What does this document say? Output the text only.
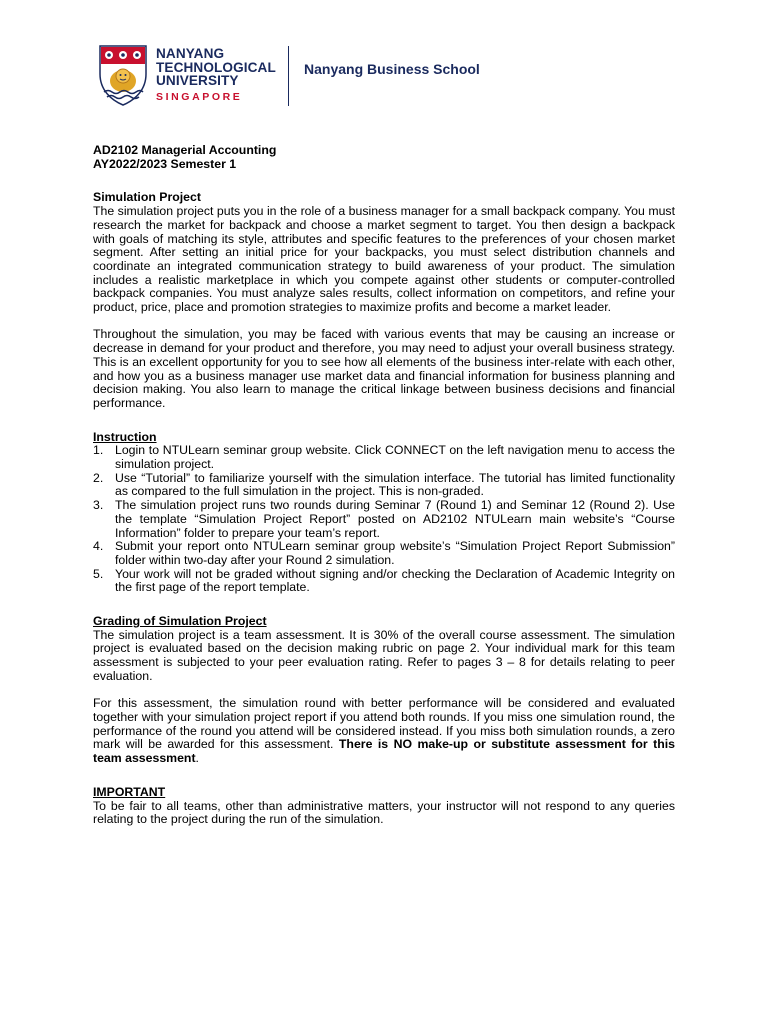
NANYANG
TECHNOLOGICAL
UNIVERSITY
SINGAPORE
Nanyang Business School
AD2102 Managerial Accounting
AY2022/2023 Semester 1
Simulation Project

The simulation project puts you in the role of a business manager for a small backpack company. You must research the market for backpack and choose a market segment to target. You then design a backpack with goals of matching its style, attributes and specific features to the preferences of your chosen market segment. After setting an initial price for your backpacks, you must select distribution channels and coordinate an integrated communication strategy to build awareness of your product. The simulation includes a realistic marketplace in which you compete against other students or computer-controlled backpack companies. You must analyze sales results, collect information on competitors, and refine your product, price, place and promotion strategies to maximize profits and become a market leader.

Throughout the simulation, you may be faced with various events that may be causing an increase or decrease in demand for your product and therefore, you may need to adjust your overall business strategy. This is an excellent opportunity for you to see how all elements of the business inter-relate with each other, and how you as a business manager use market data and financial information for business planning and decision making. You also learn to manage the critical linkage between business decisions and financial performance.

Instruction
1. Login to NTULearn seminar group website. Click CONNECT on the left navigation menu to access the simulation project.
2. Use “Tutorial” to familiarize yourself with the simulation interface. The tutorial has limited functionality as compared to the full simulation in the project. This is non-graded.
3. The simulation project runs two rounds during Seminar 7 (Round 1) and Seminar 12 (Round 2). Use the template “Simulation Project Report” posted on AD2102 NTULearn main website’s “Course Information” folder to prepare your team’s report.
4. Submit your report onto NTULearn seminar group website’s “Simulation Project Report Submission” folder within two-day after your Round 2 simulation.
5. Your work will not be graded without signing and/or checking the Declaration of Academic Integrity on the first page of the report template.
Grading of Simulation Project

The simulation project is a team assessment. It is 30% of the overall course assessment. The simulation project is evaluated based on the decision making rubric on page 2. Your individual mark for this team assessment is subjected to your peer evaluation rating. Refer to pages 3 – 8 for details relating to peer evaluation.

For this assessment, the simulation round with better performance will be considered and evaluated together with your simulation project report if you attend both rounds. If you miss one simulation round, the performance of the round you attend will be considered instead. If you miss both simulation rounds, a zero mark will be awarded for this assessment. There is NO make-up or substitute assessment for this team assessment.

IMPORTANT

To be fair to all teams, other than administrative matters, your instructor will not respond to any queries relating to the project during the run of the simulation.
